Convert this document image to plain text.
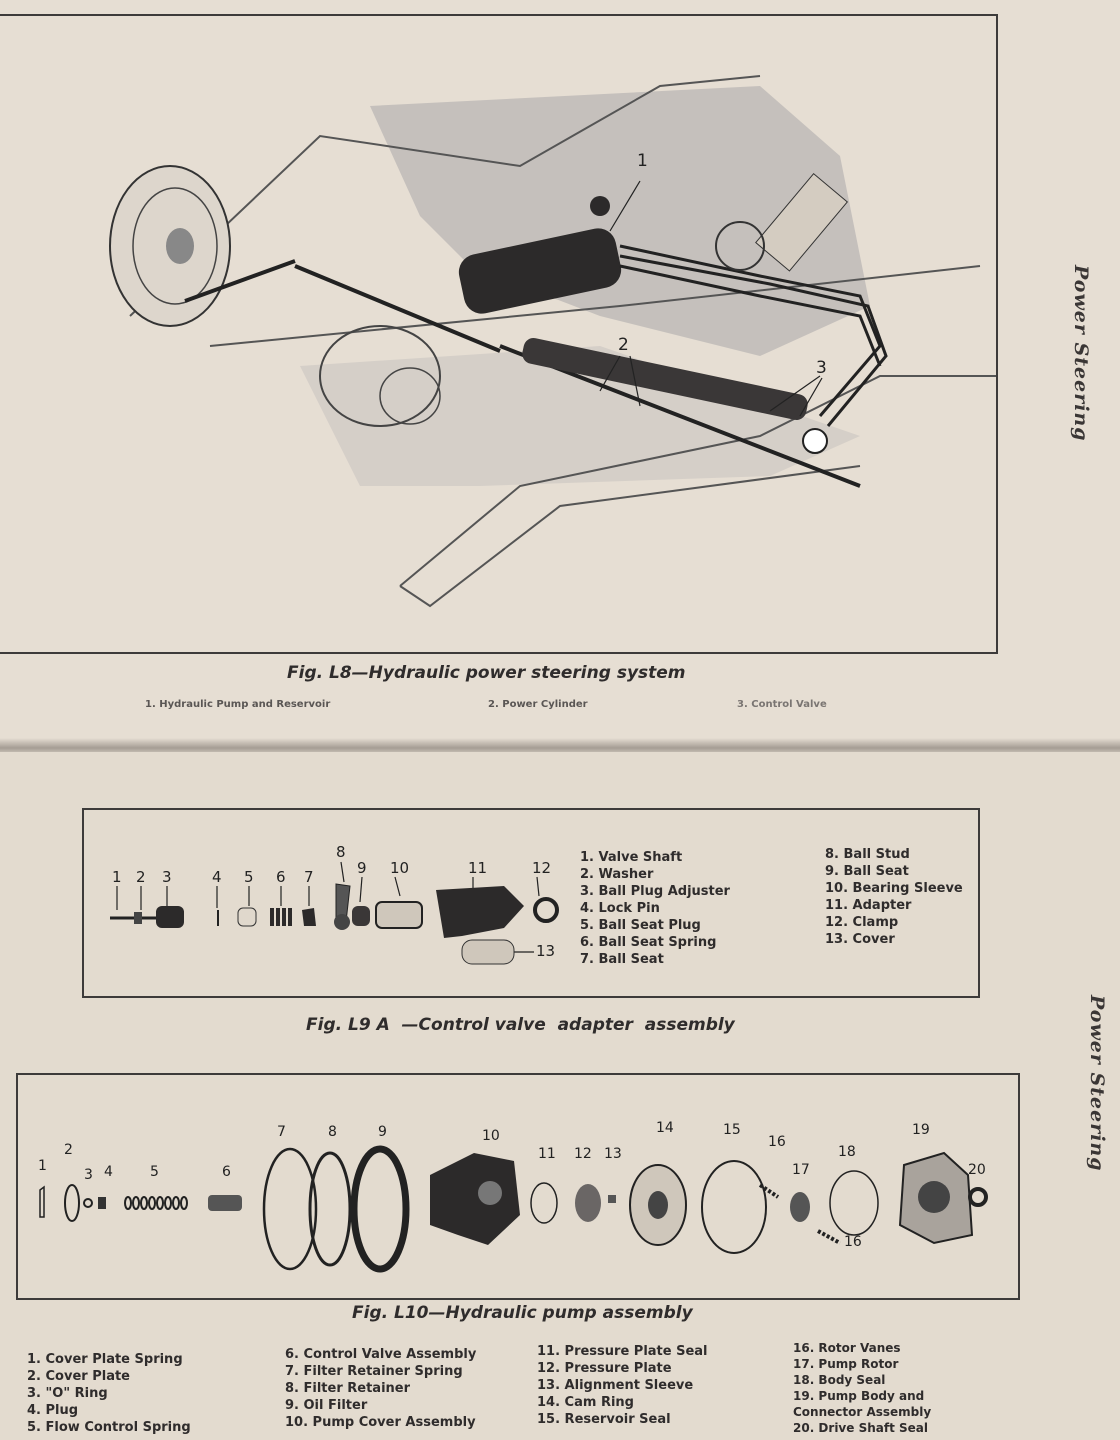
1
2
3	Power Steering
Fig. L8—Hydraulic power steering system
1. Hydraulic Pump and Reservoir	2. Power Cylinder	3. Control Valve
1 2 3	4 5 6 7
8
9 10	11	12
13
1. Valve Shaft
2. Washer
3. Ball Plug Adjuster
4. Lock Pin
5. Ball Seat Plug
6. Ball Seat Spring
7. Ball Seat
8. Ball Stud
9. Ball Seat
10. Bearing Sleeve
11. Adapter
12. Clamp
13. Cover
Fig. L9 A  —Control valve  adapter  assembly	Power Steering
1
2
3 4	5	6
7	8	9	10
11 12 13
14	15
16
17
18
19
20
16
Fig. L10—Hydraulic pump assembly
1. Cover Plate Spring
2. Cover Plate
3. "O" Ring
4. Plug
5. Flow Control Spring
6. Control Valve Assembly
7. Filter Retainer Spring
8. Filter Retainer
9. Oil Filter
10. Pump Cover Assembly
11. Pressure Plate Seal
12. Pressure Plate
13. Alignment Sleeve
14. Cam Ring
15. Reservoir Seal
16. Rotor Vanes
17. Pump Rotor
18. Body Seal
19. Pump Body and Connector Assembly
20. Drive Shaft Seal
